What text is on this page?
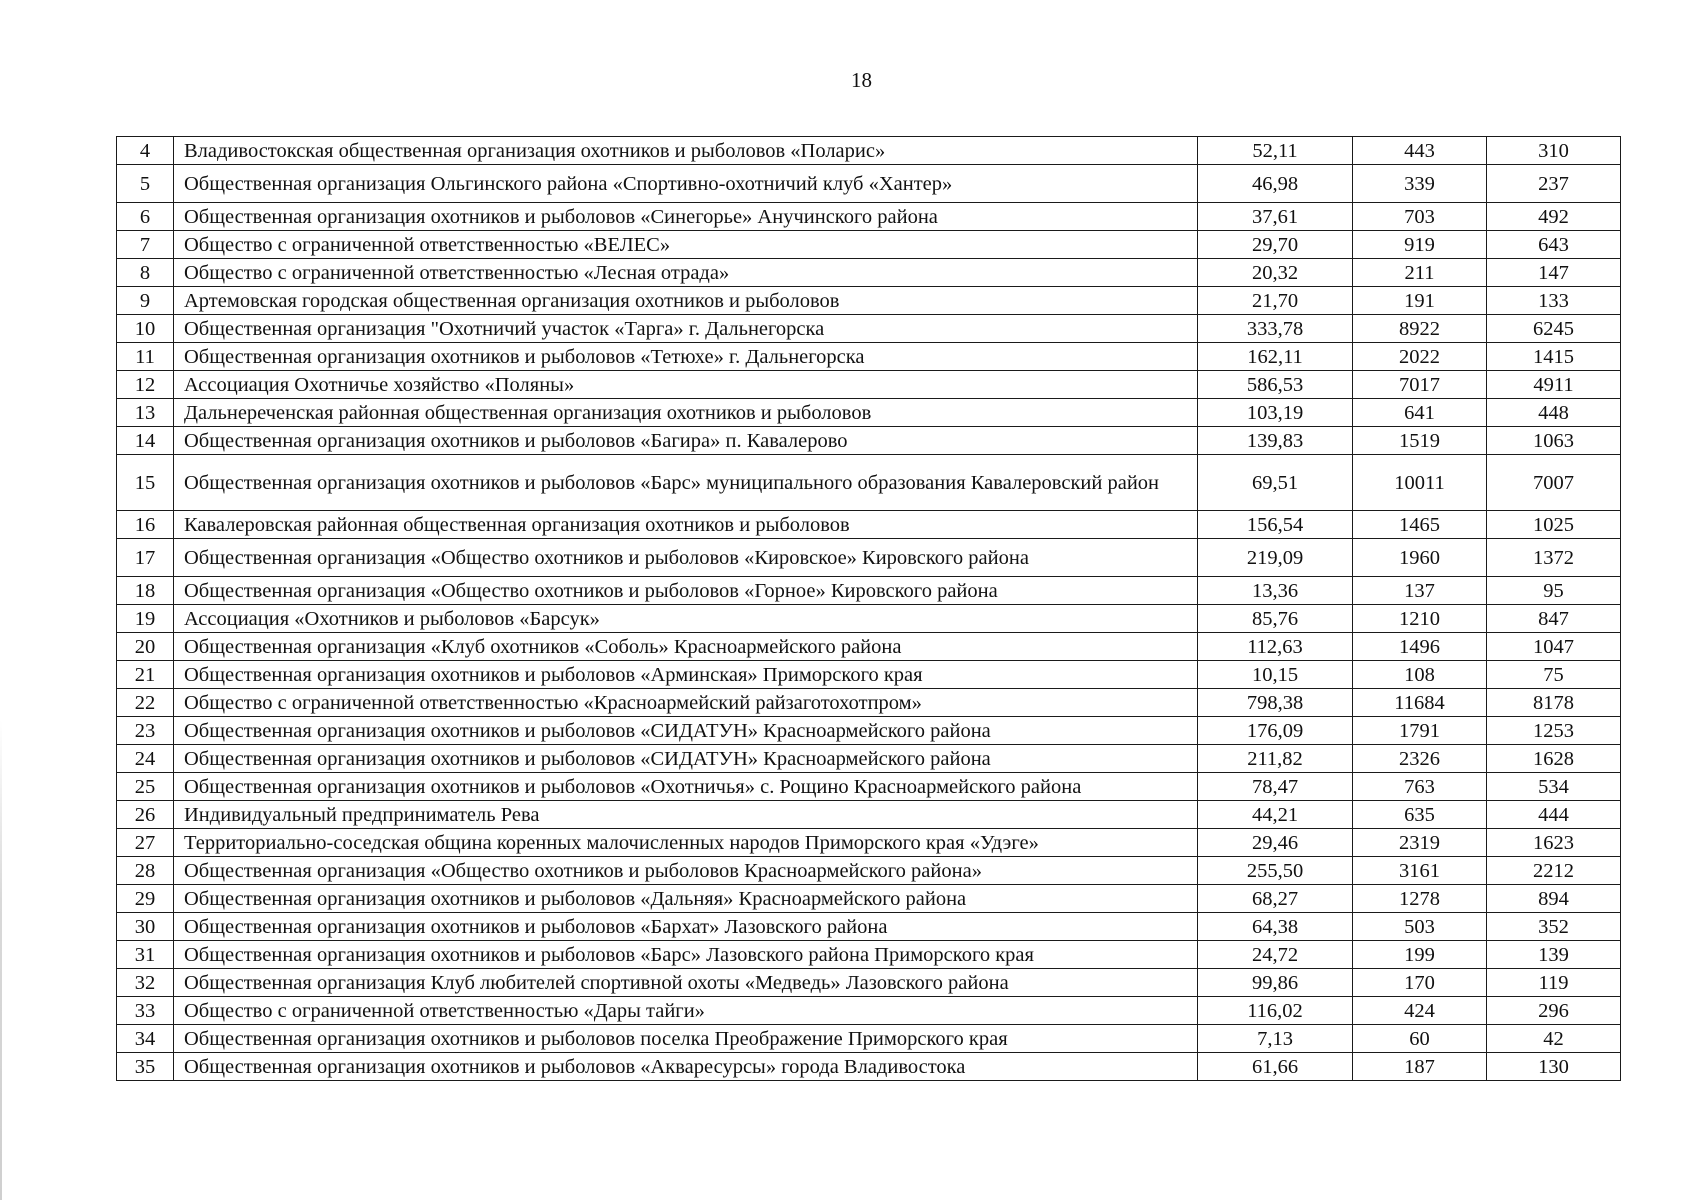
18
4	Владивостокская общественная организация охотников и рыболовов «Поларис»	52,11	443	310
5	Общественная организация Ольгинского района «Спортивно-охотничий клуб «Хантер»	46,98	339	237
6	Общественная организация охотников и рыболовов «Синегорье» Анучинского района	37,61	703	492
7	Общество с ограниченной ответственностью «ВЕЛЕС»	29,70	919	643
8	Общество с ограниченной ответственностью «Лесная отрада»	20,32	211	147
9	Артемовская городская общественная организация охотников и рыболовов	21,70	191	133
10	Общественная организация "Охотничий участок «Тарга» г. Дальнегорска	333,78	8922	6245
11	Общественная организация охотников и рыболовов «Тетюхе» г. Дальнегорска	162,11	2022	1415
12	Ассоциация Охотничье хозяйство «Поляны»	586,53	7017	4911
13	Дальнереченская районная общественная организация охотников и рыболовов	103,19	641	448
14	Общественная организация охотников и рыболовов «Багира» п. Кавалерово	139,83	1519	1063
15	Общественная организация охотников и рыболовов «Барс» муниципального образования Кавалеровский район	69,51	10011	7007
16	Кавалеровская районная общественная организация охотников и рыболовов	156,54	1465	1025
17	Общественная организация «Общество охотников и рыболовов «Кировское» Кировского района	219,09	1960	1372
18	Общественная организация «Общество охотников и рыболовов «Горное» Кировского района	13,36	137	95
19	Ассоциация «Охотников и рыболовов «Барсук»	85,76	1210	847
20	Общественная организация «Клуб охотников «Соболь» Красноармейского района	112,63	1496	1047
21	Общественная организация охотников и рыболовов «Арминская» Приморского края	10,15	108	75
22	Общество с ограниченной ответственностью «Красноармейский райзаготохотпром»	798,38	11684	8178
23	Общественная организация охотников и рыболовов «СИДАТУН» Красноармейского района	176,09	1791	1253
24	Общественная организация охотников и рыболовов «СИДАТУН» Красноармейского района	211,82	2326	1628
25	Общественная организация охотников и рыболовов «Охотничья» с. Рощино Красноармейского района	78,47	763	534
26	Индивидуальный предприниматель Рева	44,21	635	444
27	Территориально-соседская община коренных малочисленных народов Приморского края «Удэге»	29,46	2319	1623
28	Общественная организация «Общество охотников и рыболовов Красноармейского района»	255,50	3161	2212
29	Общественная организация охотников и рыболовов «Дальняя» Красноармейского района	68,27	1278	894
30	Общественная организация охотников и рыболовов «Бархат» Лазовского района	64,38	503	352
31	Общественная организация охотников и рыболовов «Барс» Лазовского района Приморского края	24,72	199	139
32	Общественная организация Клуб любителей спортивной охоты «Медведь» Лазовского района	99,86	170	119
33	Общество с ограниченной ответственностью «Дары тайги»	116,02	424	296
34	Общественная организация охотников и рыболовов поселка Преображение Приморского края	7,13	60	42
35	Общественная организация охотников и рыболовов «Акваресурсы» города Владивостока	61,66	187	130
